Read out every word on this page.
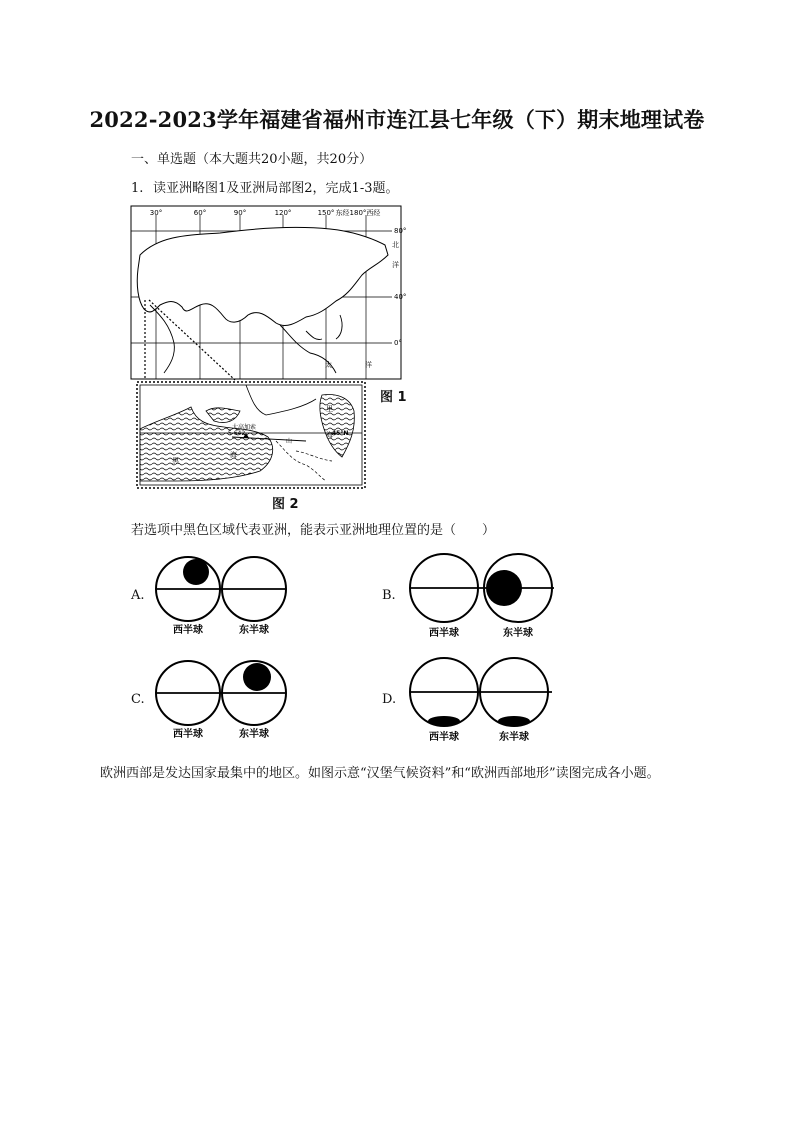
2022-2023学年福建省福州市连江县七年级（下）期末地理试卷
一、单选题（本大题共20小题，共20分）
1. 读亚洲略图1及亚洲局部图2，完成1-3题。
30°	60°	90°	120°	150° 东经180°西经
80°
40°
0°
北
洋
太	洋
图 1
5 642	45°N
黑
海
里
海
大高加索
山
图 2
若选项中黑色区域代表亚洲，能表示亚洲地理位置的是（　　）
A.
西半球	东半球
B.
西半球	东半球
C.
西半球	东半球
D.
西半球	东半球
欧洲西部是发达国家最集中的地区。如图示意“汉堡气候资料”和“欧洲西部地形”读图完成各小题。
